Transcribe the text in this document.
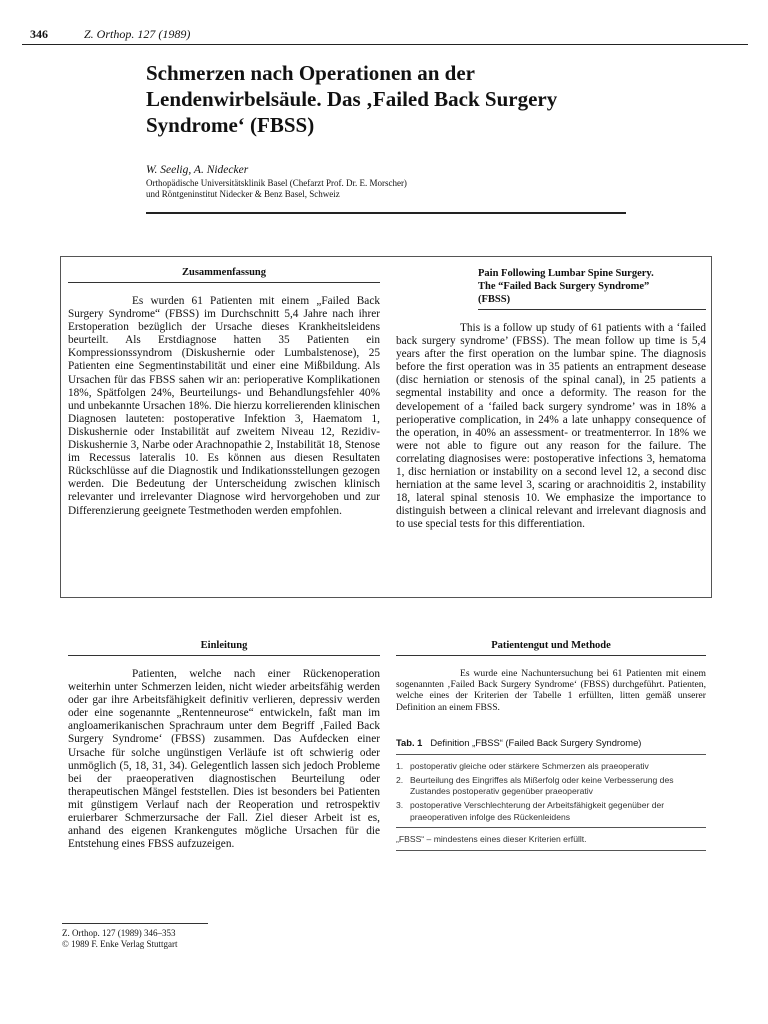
346	Z. Orthop. 127 (1989)
Schmerzen nach Operationen an der Lendenwirbelsäule. Das ‚Failed Back Surgery Syndrome‘ (FBSS)
W. Seelig, A. Nidecker
Orthopädische Universitätsklinik Basel (Chefarzt Prof. Dr. E. Morscher)
und Röntgeninstitut Nidecker & Benz Basel, Schweiz
Zusammenfassung

Es wurden 61 Patienten mit einem „Failed Back Surgery Syndrome“ (FBSS) im Durchschnitt 5,4 Jahre nach ihrer Erstoperation bezüglich der Ursache dieses Krankheitsleidens beurteilt. Als Erstdiagnose hatten 35 Patienten ein Kompressionssyndrom (Diskushernie oder Lumbalstenose), 25 Patienten eine Segmentinstabilität und einer eine Mißbildung. Als Ursachen für das FBSS sahen wir an: perioperative Komplikationen 18%, Spätfolgen 24%, Beurteilungs- und Behandlungsfehler 40% und unbekannte Ursachen 18%. Die hierzu korrelierenden klinischen Diagnosen lauteten: postoperative Infektion 3, Haematom 1, Diskushernie oder Instabilität auf zweitem Niveau 12, Rezidiv-Diskushernie 3, Narbe oder Arachnopathie 2, Instabilität 18, Stenose im Recessus lateralis 10. Es können aus diesen Resultaten Rückschlüsse auf die Diagnostik und Indikationsstellungen gezogen werden. Die Bedeutung der Unterscheidung zwischen klinisch relevanter und irrelevanter Diagnose wird hervorgehoben und zur Differenzierung geeignete Testmethoden werden empfohlen.

Pain Following Lumbar Spine Surgery.
The “Failed Back Surgery Syndrome”
(FBSS)

This is a follow up study of 61 patients with a ‘failed back surgery syndrome’ (FBSS). The mean follow up time is 5,4 years after the first operation on the lumbar spine. The diagnosis before the first operation was in 35 patients an entrapment desease (disc herniation or stenosis of the spinal canal), in 25 patients a segmental instability and once a deformity. The reason for the developement of a ‘failed back surgery syndrome’ was in 18% a perioperative complication, in 24% a late unhappy consequence of the operation, in 40% an assessment- or treatmenterror. In 18% we were not able to figure out any reason for the failure. The correlating diagnosises were: postoperative infections 3, hematoma 1, disc herniation or instability on a second level 12, a second disc herniation at the same level 3, scaring or arachnoiditis 2, instability 18, lateral spinal stenosis 10. We emphasize the importance to distinguish between a clinical relevant and irrelevant diagnosis and to use special tests for this differentiation.

Einleitung

Patienten, welche nach einer Rückenoperation weiterhin unter Schmerzen leiden, nicht wieder arbeitsfähig werden oder gar ihre Arbeitsfähigkeit definitiv verlieren, depressiv werden oder eine sogenannte „Rentenneurose“ entwickeln, faßt man im angloamerikanischen Sprachraum unter dem Begriff ‚Failed Back Surgery Syndrome‘ (FBSS) zusammen. Das Aufdecken einer Ursache für solche ungünstigen Verläufe ist oft schwierig oder unmöglich (5, 18, 31, 34). Gelegentlich lassen sich jedoch Probleme bei der praeoperativen diagnostischen Beurteilung oder therapeutischen Mängel feststellen. Dies ist besonders bei Patienten mit günstigem Verlauf nach der Reoperation und retrospektiv eruierbarer Schmerzursache der Fall. Ziel dieser Arbeit ist es, anhand des eigenen Krankengutes mögliche Ursachen für die Entstehung eines FBSS aufzuzeigen.

Patientengut und Methode

Es wurde eine Nachuntersuchung bei 61 Patienten mit einem sogenannten ‚Failed Back Surgery Syndrome‘ (FBSS) durchgeführt. Patienten, welche eines der Kriterien der Tabelle 1 erfüllten, litten gemäß unserer Definition an einem FBSS.

Tab. 1 Definition „FBSS“ (Failed Back Surgery Syndrome)
1. postoperativ gleiche oder stärkere Schmerzen als praeoperativ
2. Beurteilung des Eingriffes als Mißerfolg oder keine Verbesserung des Zustandes postoperativ gegenüber praeoperativ
3. postoperative Verschlechterung der Arbeitsfähigkeit gegenüber der praeoperativen infolge des Rückenleidens
„FBSS“ – mindestens eines dieser Kriterien erfüllt.
Z. Orthop. 127 (1989) 346–353
© 1989 F. Enke Verlag Stuttgart
